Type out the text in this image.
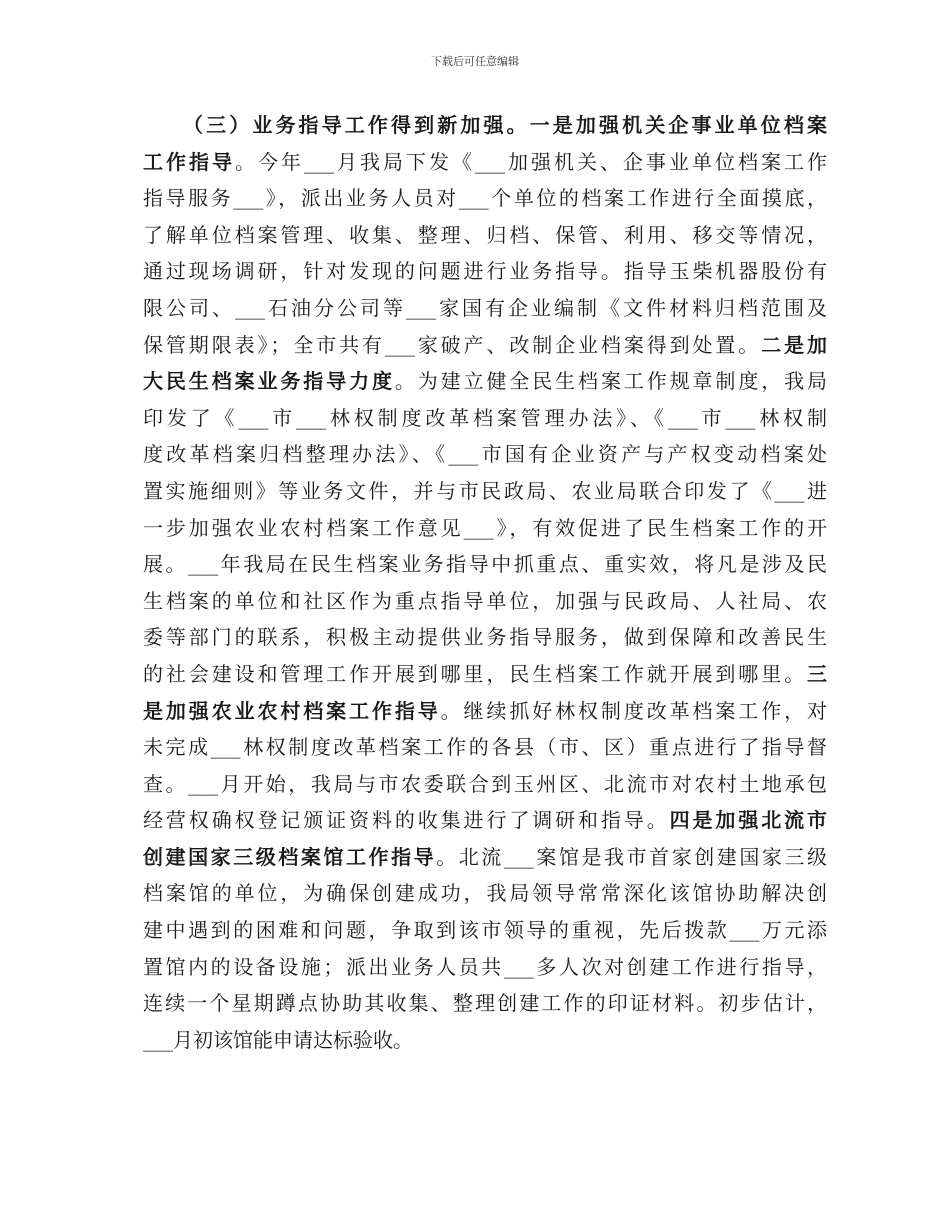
下载后可任意编辑
（三）业务指导工作得到新加强。一是加强机关企事业单位档案
工作指导。今年___月我局下发《___加强机关、企事业单位档案工作
指导服务___》，派出业务人员对___个单位的档案工作进行全面摸底，
了解单位档案管理、收集、整理、归档、保管、利用、移交等情况，
通过现场调研，针对发现的问题进行业务指导。指导玉柴机器股份有
限公司、___石油分公司等___家国有企业编制《文件材料归档范围及
保管期限表》；全市共有___家破产、改制企业档案得到处置。二是加
大民生档案业务指导力度。为建立健全民生档案工作规章制度，我局
印发了《___市___林权制度改革档案管理办法》、《___市___林权制
度改革档案归档整理办法》、《___市国有企业资产与产权变动档案处
置实施细则》等业务文件，并与市民政局、农业局联合印发了《___进
一步加强农业农村档案工作意见___》，有效促进了民生档案工作的开
展。___年我局在民生档案业务指导中抓重点、重实效，将凡是涉及民
生档案的单位和社区作为重点指导单位，加强与民政局、人社局、农
委等部门的联系，积极主动提供业务指导服务，做到保障和改善民生
的社会建设和管理工作开展到哪里，民生档案工作就开展到哪里。三
是加强农业农村档案工作指导。继续抓好林权制度改革档案工作，对
未完成___林权制度改革档案工作的各县（市、区）重点进行了指导督
查。___月开始，我局与市农委联合到玉州区、北流市对农村土地承包
经营权确权登记颁证资料的收集进行了调研和指导。四是加强北流市
创建国家三级档案馆工作指导。北流___案馆是我市首家创建国家三级
档案馆的单位，为确保创建成功，我局领导常常深化该馆协助解决创
建中遇到的困难和问题，争取到该市领导的重视，先后拨款___万元添
置馆内的设备设施；派出业务人员共___多人次对创建工作进行指导，
连续一个星期蹲点协助其收集、整理创建工作的印证材料。初步估计，
___月初该馆能申请达标验收。
